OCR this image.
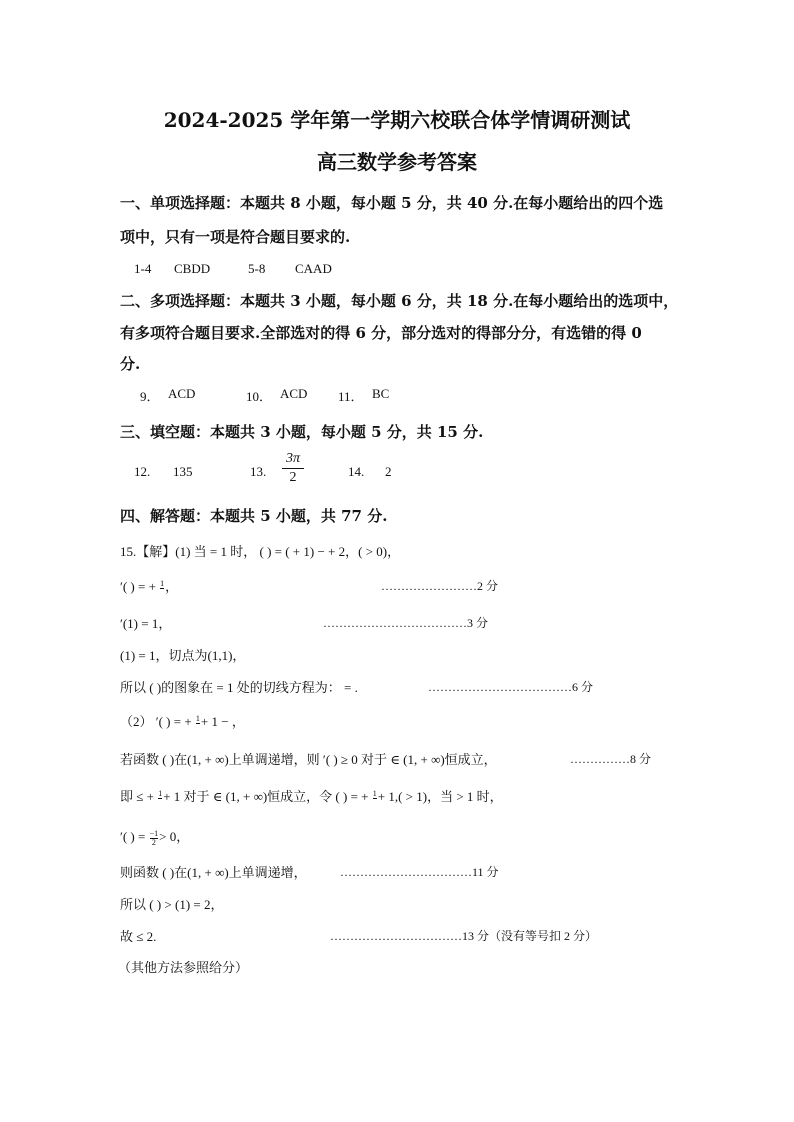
2024-2025 学年第一学期六校联合体学情调研测试
高三数学参考答案
一、单项选择题：本题共 8 小题，每小题 5 分，共 40 分.在每小题给出的四个选
项中，只有一项是符合题目要求的.
1-4 CBDD	5-8 CAAD
二、多项选择题：本题共 3 小题，每小题 6 分，共 18 分.在每小题给出的选项中，
有多项符合题目要求.全部选对的得 6 分，部分选对的得部分分，有选错的得 0
分.
9． ACD	10． ACD 11． BC
三、填空题：本题共 3 小题，每小题 5 分，共 15 分.
12. 135	13.
3π
2	14. 2
四、解答题：本题共 5 小题，共 77 分.
15.【解】(1) 当 = 1 时， ( ) = ( + 1) − + 2，( > 0)，
′( ) = + 1
，	……………………2 分
′(1) = 1，	………………………………3 分
(1) = 1，切点为(1,1)，
所以 ( )的图象在 = 1 处的切线方程为： = .	………………………………6 分
（2） ′( ) = + 1
+ 1 − ，
若函数 ( )在(1, + ∞)上单调递增，则 ′( ) ≥ 0 对于 ∈ (1, + ∞)恒成立，	……………8 分
即 ≤ + 1
+ 1 对于 ∈ (1, + ∞)恒成立，令 ( ) = + 1
+ 1,( > 1)，当 > 1 时，
′( ) = $\frac{-1}{2} > 0$，
则函数 ( )在(1, + ∞)上单调递增，	……………………………11 分
所以 ( ) > (1) = 2，
故 ≤ 2.	……………………………13 分（没有等号扣 2 分）
（其他方法参照给分）
